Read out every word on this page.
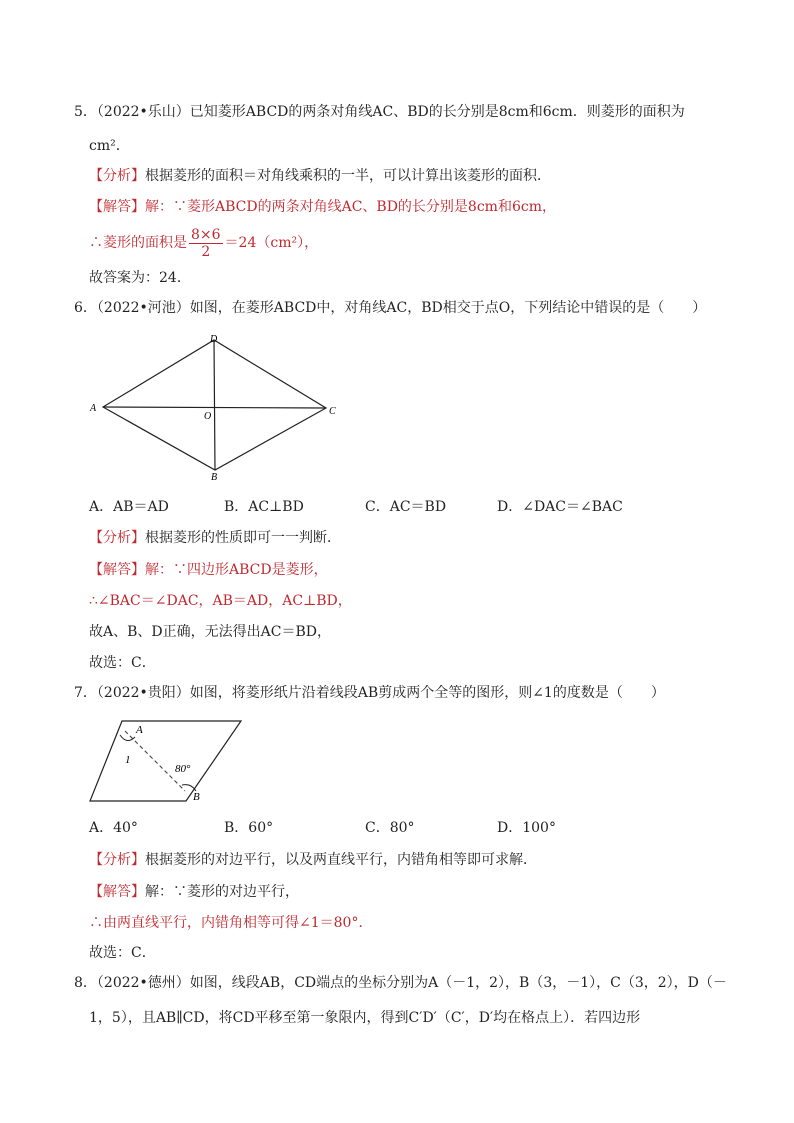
5．（2022•乐山）已知菱形ABCD的两条对角线AC、BD的长分别是8cm和6cm．则菱形的面积为
cm²．
【分析】根据菱形的面积＝对角线乘积的一半，可以计算出该菱形的面积．
【解答】解：∵菱形ABCD的两条对角线AC、BD的长分别是8cm和6cm，
∴菱形的面积是 $\frac{8\times 6}{2} =24(cm^2)$，
故答案为：24．
6．（2022•河池）如图，在菱形ABCD中，对角线AC，BD相交于点O，下列结论中错误的是（　　）
A
D
C
B
O
A．AB＝AD	B．AC⊥BD	C．AC＝BD	D．∠DAC＝∠BAC
【分析】根据菱形的性质即可一一判断．
【解答】解：∵四边形ABCD是菱形，
∴∠BAC＝∠DAC，AB＝AD，AC⊥BD，
故A、B、D正确，无法得出AC＝BD，
故选：C．
7．（2022•贵阳）如图，将菱形纸片沿着线段AB剪成两个全等的图形，则∠1的度数是（　　）
A
B
1
80°
A．40°	B．60°	C．80°	D．100°
【分析】根据菱形的对边平行，以及两直线平行，内错角相等即可求解．
【解答】解：∵菱形的对边平行，
∴由两直线平行，内错角相等可得∠1＝80°．
故选：C．
8．（2022•德州）如图，线段AB，CD端点的坐标分别为A（－1，2），B（3，－1），C（3，2），D（－
1，5），且AB∥CD，将CD平移至第一象限内，得到C′D′（C′，D′均在格点上）．若四边形
